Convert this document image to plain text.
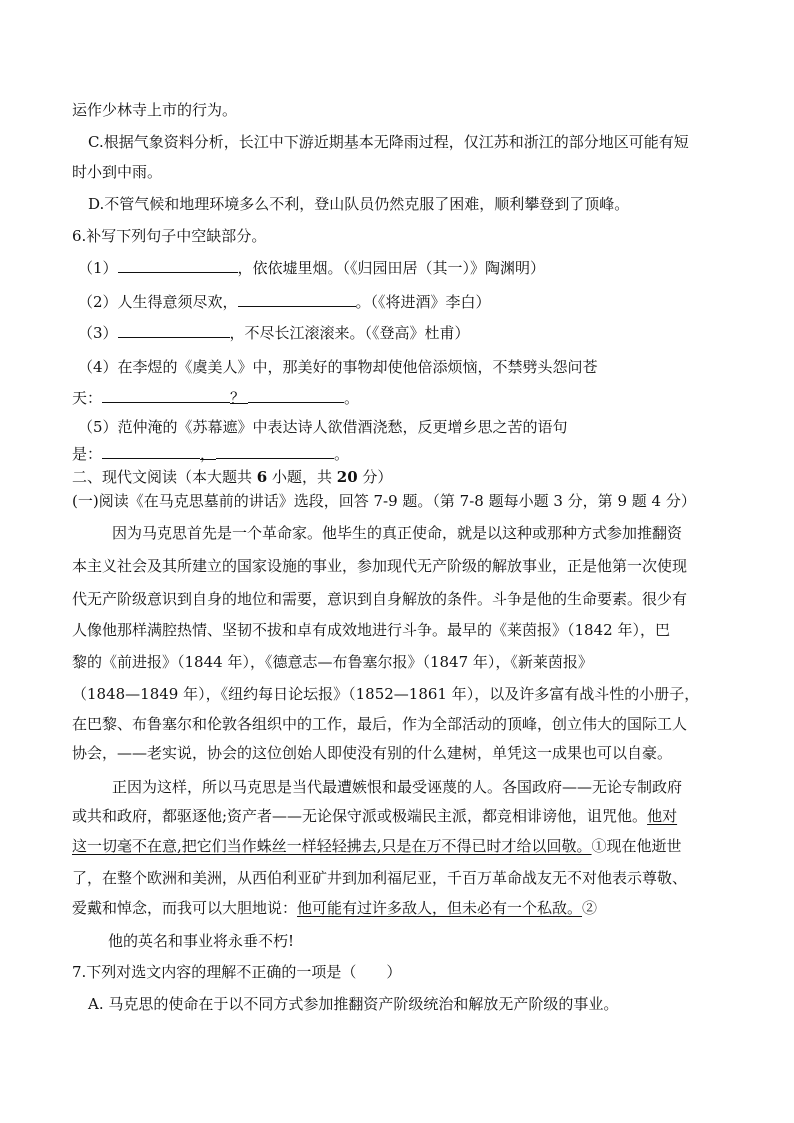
运作少林寺上市的行为。
C.根据气象资料分析，长江中下游近期基本无降雨过程，仅江苏和浙江的部分地区可能有短
时小到中雨。
D.不管气候和地理环境多么不利，登山队员仍然克服了困难，顺利攀登到了顶峰。
6.补写下列句子中空缺部分。
（1）	，依依墟里烟。（《归园田居（其一）》陶渊明）
（2）人生得意须尽欢，	。（《将进酒》李白）
（3）	，不尽长江滚滚来。（《登高》杜甫）
（4）在李煜的《虞美人》中，那美好的事物却使他倍添烦恼，不禁劈头怨问苍
天：	？	。
（5）范仲淹的《苏幕遮》中表达诗人欲借酒浇愁，反更增乡思之苦的语句
是：	，	。
二、现代文阅读（本大题共 6 小题，共 20 分）
(一)阅读《在马克思墓前的讲话》选段，回答 7-9 题。（第 7-8 题每小题 3 分，第 9 题 4 分）
因为马克思首先是一个革命家。他毕生的真正使命，就是以这种或那种方式参加推翻资
本主义社会及其所建立的国家设施的事业，参加现代无产阶级的解放事业，正是他第一次使现
代无产阶级意识到自身的地位和需要，意识到自身解放的条件。斗争是他的生命要素。很少有
人像他那样满腔热情、坚韧不拔和卓有成效地进行斗争。最早的《莱茵报》（1842 年），巴
黎的《前进报》（1844 年），《德意志—布鲁塞尔报》（1847 年），《新莱茵报》
（1848—1849 年），《纽约每日论坛报》（1852—1861 年），以及许多富有战斗性的小册子，
在巴黎、布鲁塞尔和伦敦各组织中的工作，最后，作为全部活动的顶峰，创立伟大的国际工人
协会，——老实说，协会的这位创始人即使没有别的什么建树，单凭这一成果也可以自豪。
正因为这样，所以马克思是当代最遭嫉恨和最受诬蔑的人。各国政府——无论专制政府
或共和政府，都驱逐他;资产者——无论保守派或极端民主派，都竞相诽谤他，诅咒他。他对
这一切毫不在意,把它们当作蛛丝一样轻轻拂去,只是在万不得已时才给以回敬。①现在他逝世
了，在整个欧洲和美洲，从西伯利亚矿井到加利福尼亚，千百万革命战友无不对他表示尊敬、
爱戴和悼念，而我可以大胆地说：他可能有过许多敌人，但未必有一个私敌。②
他的英名和事业将永垂不朽!
7.下列对选文内容的理解不正确的一项是（　　）
A. 马克思的使命在于以不同方式参加推翻资产阶级统治和解放无产阶级的事业。
